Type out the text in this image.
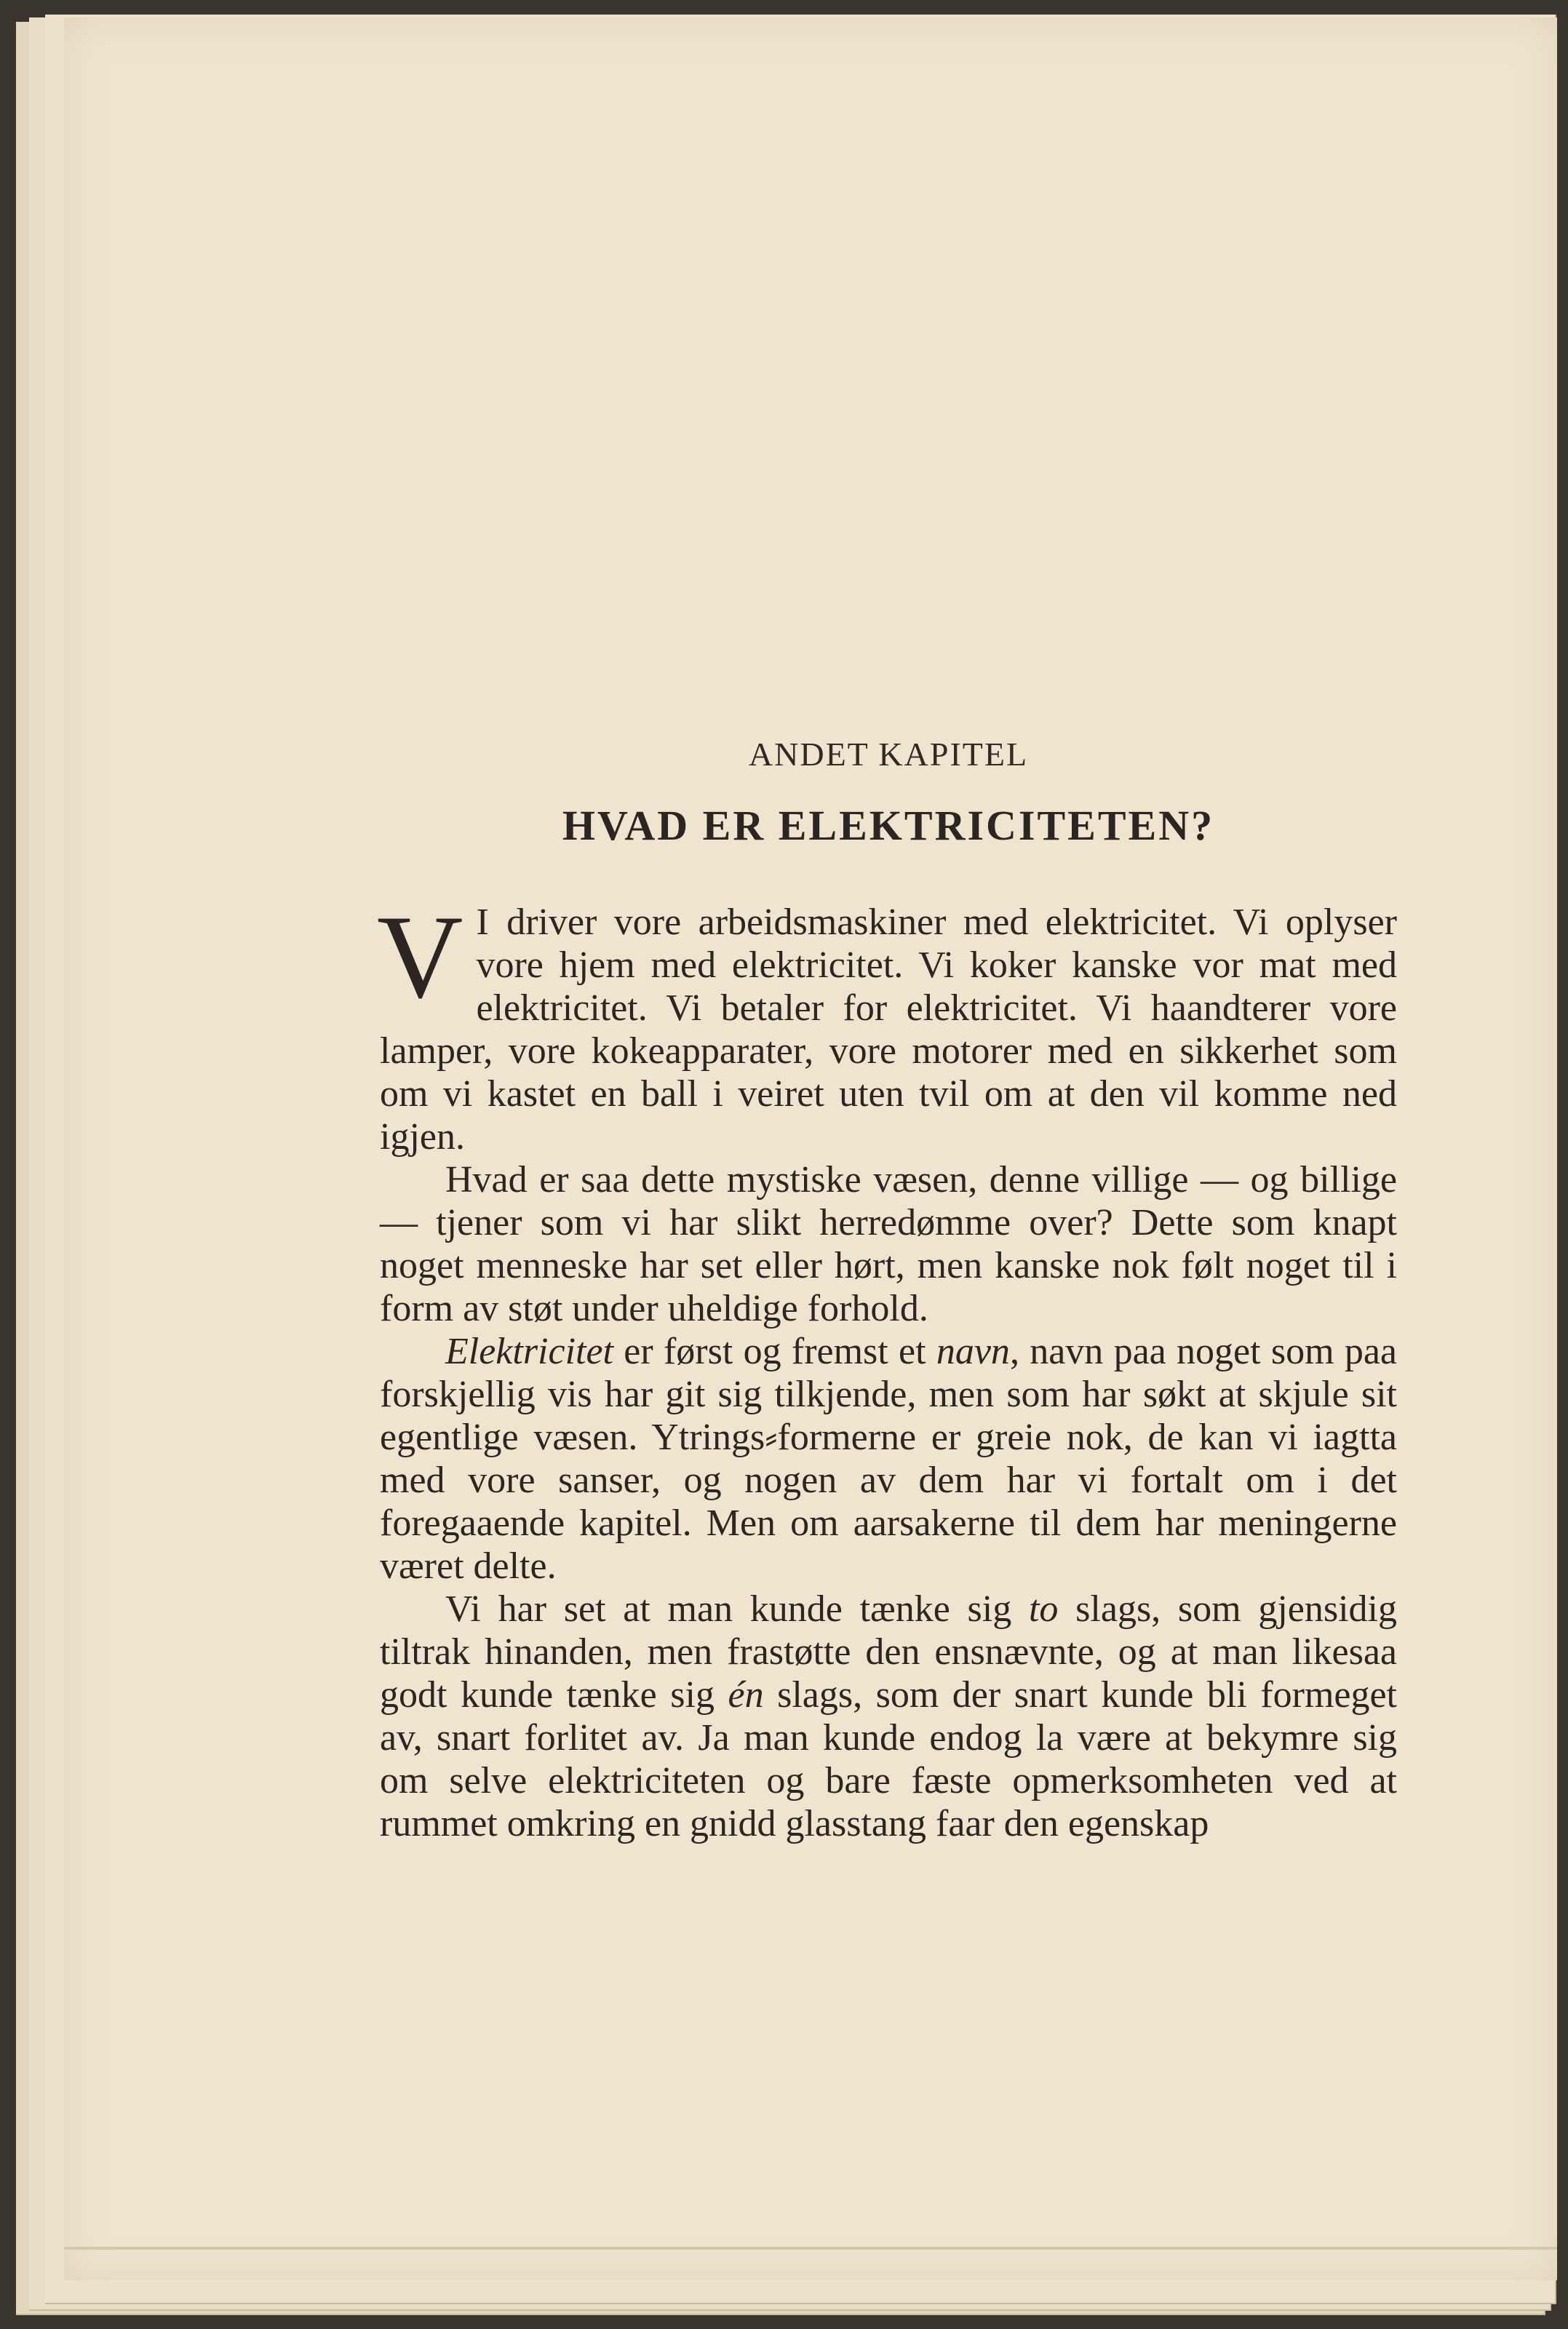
ANDET KAPITEL
HVAD ER ELEKTRICITETEN?

V I driver vore arbeidsmaskiner med elektricitet. Vi oplyser vore hjem med elektricitet. Vi koker kanske vor mat med elektricitet. Vi betaler for elektricitet. Vi haandterer vore lamper, vore kokeapparater, vore motorer med en sikkerhet som om vi kastet en ball i veiret uten tvil om at den vil komme ned igjen.

Hvad er saa dette mystiske væsen, denne villige — og billige — tjener som vi har slikt herredømme over? Dette som knapt noget menneske har set eller hørt, men kanske nok følt noget til i form av støt under uheldige forhold.

Elektricitet er først og fremst et navn, navn paa noget som paa forskjellig vis har git sig tilkjende, men som har søkt at skjule sit egentlige væsen. Ytrings⸗formerne er greie nok, de kan vi iagtta med vore sanser, og nogen av dem har vi fortalt om i det foregaaende kapitel. Men om aarsakerne til dem har meningerne været delte.

Vi har set at man kunde tænke sig to slags, som gjensidig tiltrak hinanden, men frastøtte den ensnævnte, og at man likesaa godt kunde tænke sig én slags, som der snart kunde bli formeget av, snart forlitet av. Ja man kunde endog la være at bekymre sig om selve elektriciteten og bare fæste opmerksomheten ved at rummet omkring en gnidd glasstang faar den egenskap
